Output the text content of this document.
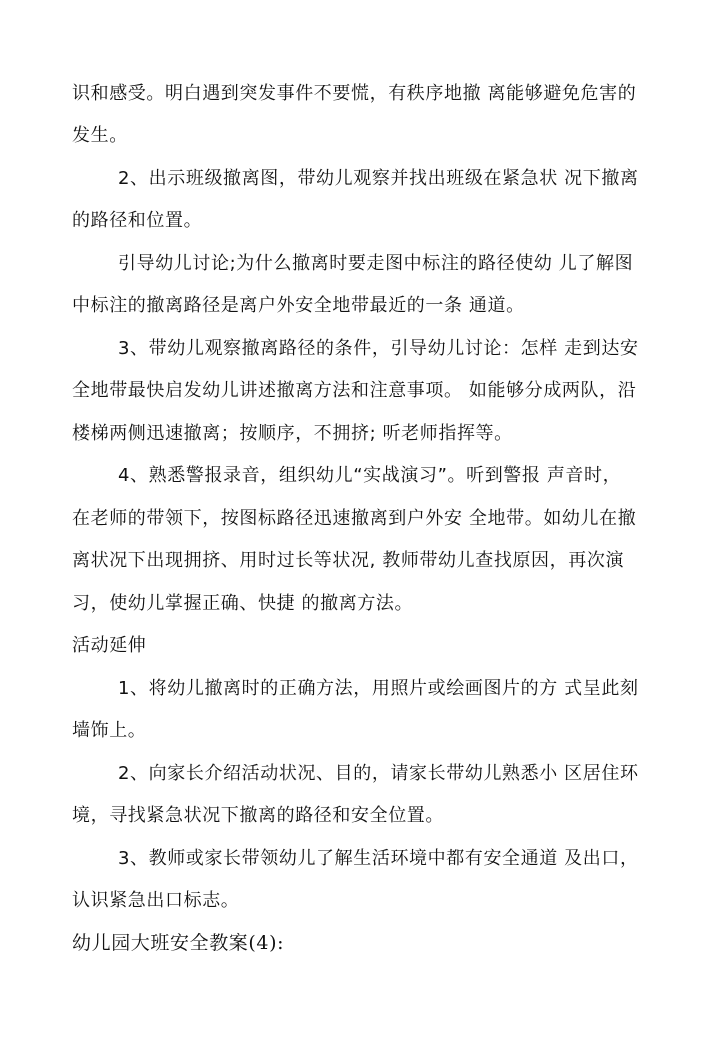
识和感受。明白遇到突发事件不要慌，有秩序地撤 离能够避免危害的
发生。
2、出示班级撤离图，带幼儿观察并找出班级在紧急状 况下撤离
的路径和位置。
引导幼儿讨论;为什么撤离时要走图中标注的路径使幼 儿了解图
中标注的撤离路径是离户外安全地带最近的一条 通道。
3、带幼儿观察撤离路径的条件，引导幼儿讨论：怎样 走到达安
全地带最快启发幼儿讲述撤离方法和注意事项。 如能够分成两队，沿
楼梯两侧迅速撤离；按顺序，不拥挤; 听老师指挥等。
4、熟悉警报录音，组织幼儿“实战演习”。听到警报 声音时，
在老师的带领下，按图标路径迅速撤离到户外安 全地带。如幼儿在撤
离状况下出现拥挤、用时过长等状况, 教师带幼儿查找原因，再次演
习，使幼儿掌握正确、快捷 的撤离方法。
活动延伸
1、将幼儿撤离时的正确方法，用照片或绘画图片的方 式呈此刻
墙饰上。
2、向家长介绍活动状况、目的，请家长带幼儿熟悉小 区居住环
境，寻找紧急状况下撤离的路径和安全位置。
3、教师或家长带领幼儿了解生活环境中都有安全通道 及出口，
认识紧急出口标志。
幼儿园大班安全教案(4):
